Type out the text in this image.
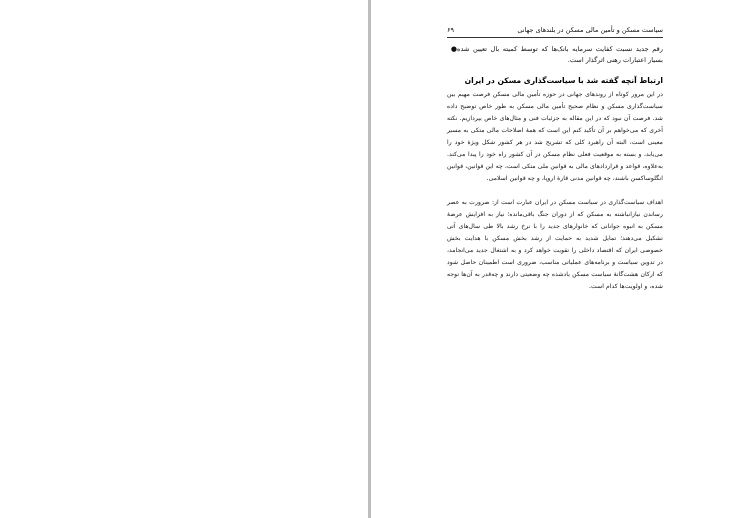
۶۹	سیاست مسکن و تأمین مالی مسکن در بلندهای جهانی
رقم جدید نسبت کفایت سرمایه بانک‌ها که توسط کمیته بال تعیین شده بسیار اعتبارات رهنی اثرگذار است.
●
ارتباط آنچه گفته شد با سیاست‌گذاری مسکن در ایران

در این مرور کوتاه از روندهای جهانی در حوزه تأمین مالی مسکن فرصت مهیم بین سیاست‌گذاری مسکن و نظام صحیح تأمین مالی مسکن به طور خاص توضیح داده شد. فرصت آن نبود که در این مقاله به جزئیات فنی و مثال‌های خاص بپردازیم. نکته آخری که می‌خواهم بر آن تأکید کنم این است که همهٔ اصلاحات مالی متکی به مسیر معینی است، البته آن راهبرد کلی که تشریح شد در هر کشور شکل ویژهٔ خود را می‌یابد، و بسته به موقعیت فعلی نظام مسکن در آن کشور راه خود را پیدا می‌کند. به‌علاوه، قواعد و قراردادهای مالی به قوانین ملی متکی است، چه این قوانین، قوانین انگلوساکسن باشند، چه قوانین مدنی قارهٔ اروپا، و چه قوانین اسلامی.

اهداف سیاست‌گذاری در سیاست مسکن در ایران عبارت است از: ضرورت به عصر رساندن نیازانباشته به مسکن که از دوران جنگ باقی‌مانده؛ نیاز به افزایش عرضهٔ مسکن به انبوه جوانانی که خانوارهای جدید را با نرخ رشد بالا طی سال‌های آتی تشکیل می‌دهند؛ تمایل شدید به حمایت از رشد بخش مسکن با هدایت بخش خصوصی ایران که اقتصاد داخلی را تقویت خواهد کرد و به اشتغال جدید می‌انجامد، در تدوین سیاست و برنامه‌های عملیاتی مناسب، ضروری است اطمینان حاصل شود که ارکان هشت‌گانهٔ سیاست مسکن یادشده چه وضعیتی دارند و چه‌قدر به آن‌ها توجه شده، و اولویت‌ها کدام است.
